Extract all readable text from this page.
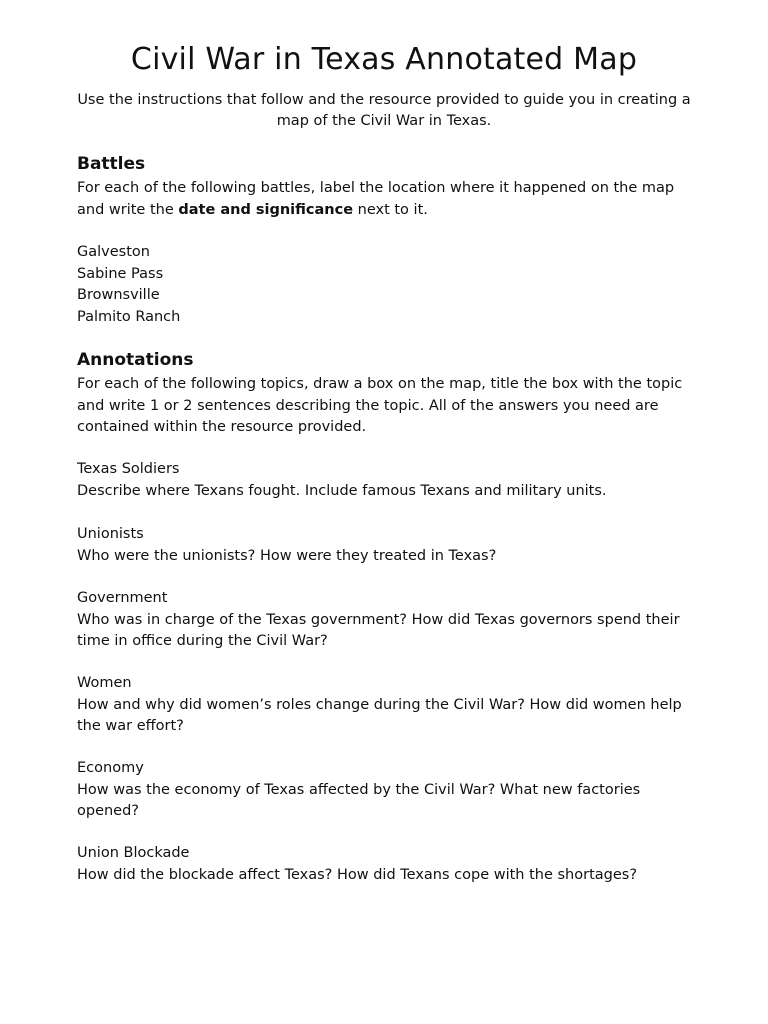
Civil War in Texas Annotated Map

Use the instructions that follow and the resource provided to guide you in creating a map of the Civil War in Texas.

Battles

For each of the following battles, label the location where it happened on the map and write the date and significance next to it.

Galveston
Sabine Pass
Brownsville
Palmito Ranch
Annotations

For each of the following topics, draw a box on the map, title the box with the topic and write 1 or 2 sentences describing the topic. All of the answers you need are contained within the resource provided.

Texas Soldiers
Describe where Texans fought. Include famous Texans and military units.
Unionists
Who were the unionists? How were they treated in Texas?
Government
Who was in charge of the Texas government? How did Texas governors spend their time in office during the Civil War?
Women
How and why did women’s roles change during the Civil War? How did women help the war effort?
Economy
How was the economy of Texas affected by the Civil War? What new factories opened?
Union Blockade
How did the blockade affect Texas? How did Texans cope with the shortages?
